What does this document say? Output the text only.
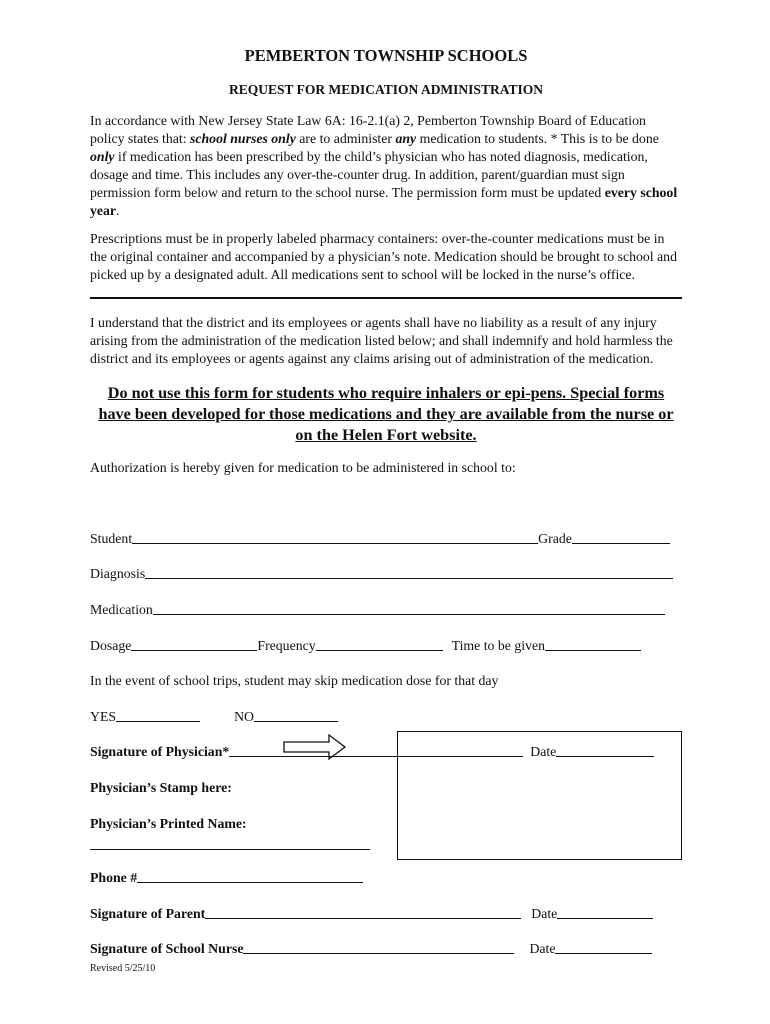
PEMBERTON TOWNSHIP SCHOOLS

REQUEST FOR MEDICATION ADMINISTRATION

In accordance with New Jersey State Law 6A: 16-2.1(a) 2, Pemberton Township Board of Education policy states that: school nurses only are to administer any medication to students. * This is to be done only if medication has been prescribed by the child’s physician who has noted diagnosis, medication, dosage and time. This includes any over-the-counter drug. In addition, parent/guardian must sign permission form below and return to the school nurse. The permission form must be updated every school year.

Prescriptions must be in properly labeled pharmacy containers: over-the-counter medications must be in the original container and accompanied by a physician’s note. Medication should be brought to school and picked up by a designated adult. All medications sent to school will be locked in the nurse’s office.

I understand that the district and its employees or agents shall have no liability as a result of any injury arising from the administration of the medication listed below; and shall indemnify and hold harmless the district and its employees or agents against any claims arising out of administration of the medication.

Do not use this form for students who require inhalers or epi-pens. Special forms have been developed for those medications and they are available from the nurse or on the Helen Fort website.

Authorization is hereby given for medication to be administered in school to:

Student	Grade
Diagnosis
Medication
Dosage	Frequency	Time to be given
In the event of school trips, student may skip medication dose for that day
YES	NO
Signature of Physician*	Date
Physician’s Stamp here:
Physician’s Printed Name:
Phone #
Signature of Parent	Date
Signature of School Nurse	Date
Revised 5/25/10
